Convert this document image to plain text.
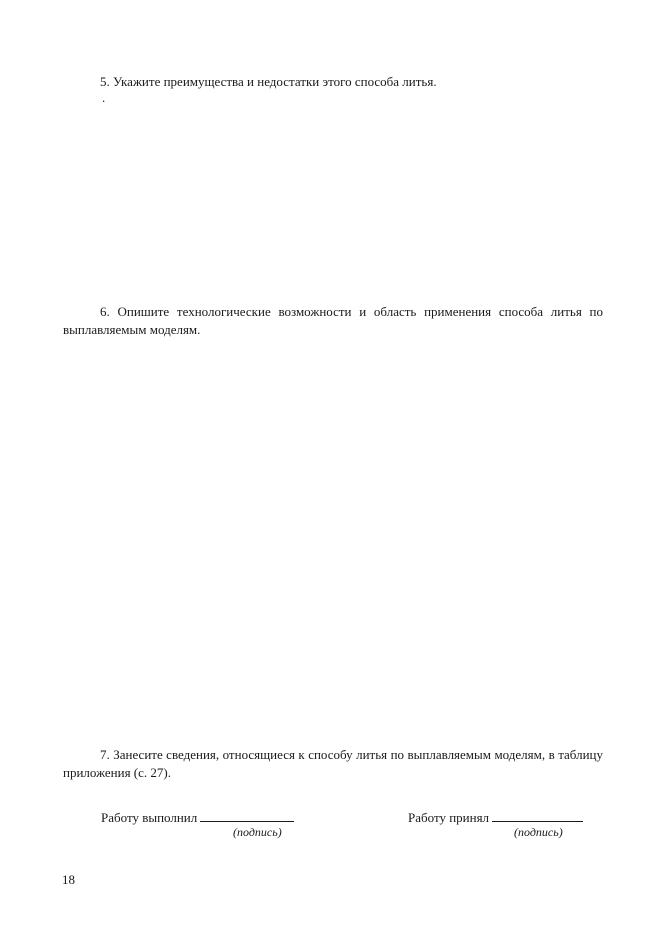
5. Укажите преимущества и недостатки этого способа литья.

.

6. Опишите технологические возможности и область применения способа литья по выплавляемым моделям.

7. Занесите сведения, относящиеся к способу литья по выплавляемым моделям, в таблицу приложения (с. 27).

Работу выполнил
(подпись)
Работу принял
(подпись)
18
